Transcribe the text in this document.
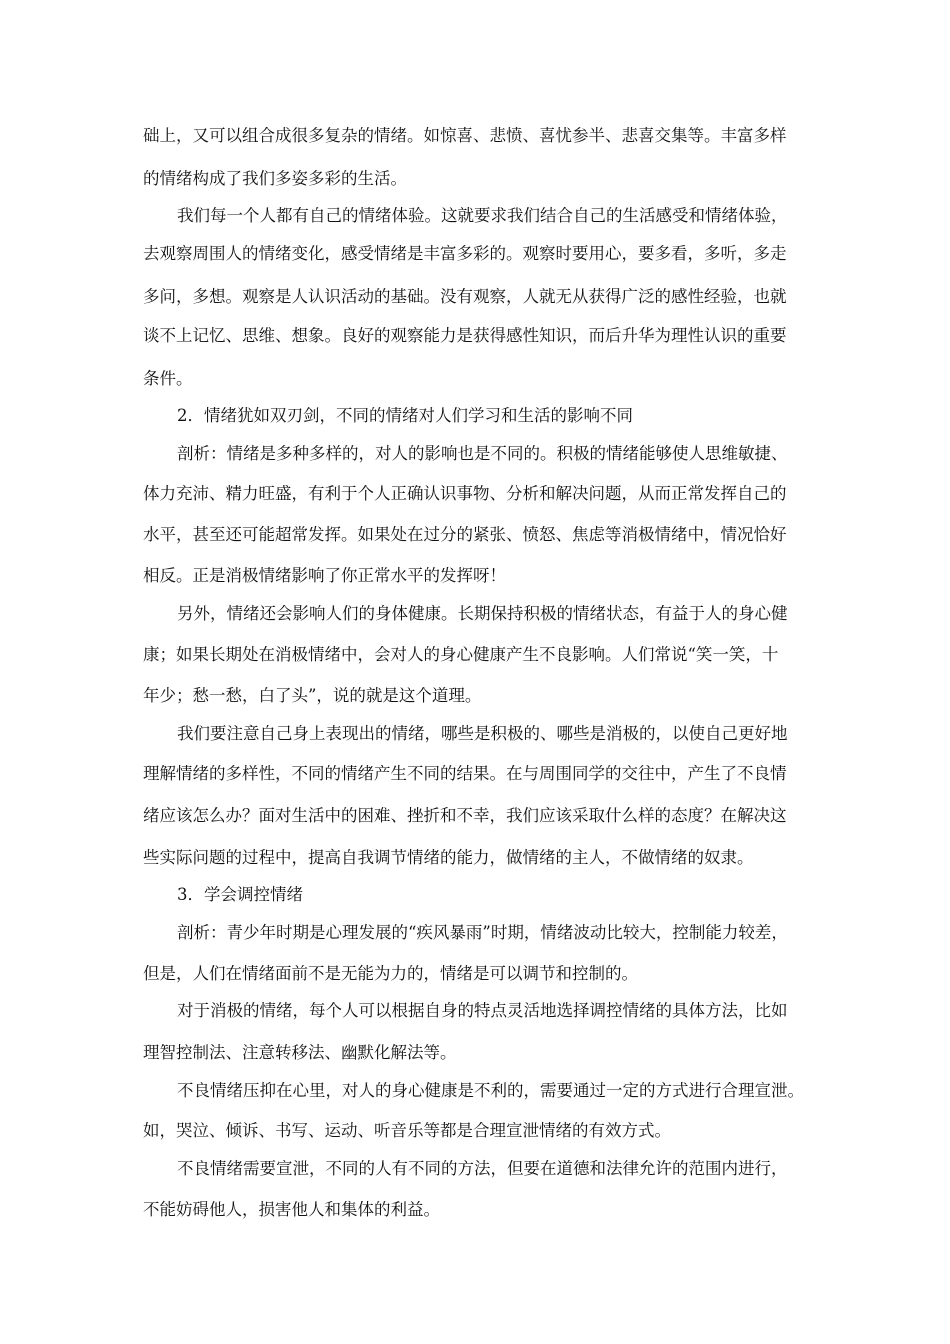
础上，又可以组合成很多复杂的情绪。如惊喜、悲愤、喜忧参半、悲喜交集等。丰富多样
的情绪构成了我们多姿多彩的生活。
我们每一个人都有自己的情绪体验。这就要求我们结合自己的生活感受和情绪体验，
去观察周围人的情绪变化，感受情绪是丰富多彩的。观察时要用心，要多看，多听，多走
多问，多想。观察是人认识活动的基础。没有观察，人就无从获得广泛的感性经验，也就
谈不上记忆、思维、想象。良好的观察能力是获得感性知识，而后升华为理性认识的重要
条件。
2．情绪犹如双刃剑，不同的情绪对人们学习和生活的影响不同
剖析：情绪是多种多样的，对人的影响也是不同的。积极的情绪能够使人思维敏捷、
体力充沛、精力旺盛，有利于个人正确认识事物、分析和解决问题，从而正常发挥自己的
水平，甚至还可能超常发挥。如果处在过分的紧张、愤怒、焦虑等消极情绪中，情况恰好
相反。正是消极情绪影响了你正常水平的发挥呀！
另外，情绪还会影响人们的身体健康。长期保持积极的情绪状态，有益于人的身心健
康；如果长期处在消极情绪中，会对人的身心健康产生不良影响。人们常说“笑一笑，十
年少；愁一愁，白了头”，说的就是这个道理。
我们要注意自己身上表现出的情绪，哪些是积极的、哪些是消极的，以使自己更好地
理解情绪的多样性，不同的情绪产生不同的结果。在与周围同学的交往中，产生了不良情
绪应该怎么办？面对生活中的困难、挫折和不幸，我们应该采取什么样的态度？在解决这
些实际问题的过程中，提高自我调节情绪的能力，做情绪的主人，不做情绪的奴隶。
3．学会调控情绪
剖析：青少年时期是心理发展的“疾风暴雨”时期，情绪波动比较大，控制能力较差，
但是，人们在情绪面前不是无能为力的，情绪是可以调节和控制的。
对于消极的情绪，每个人可以根据自身的特点灵活地选择调控情绪的具体方法，比如
理智控制法、注意转移法、幽默化解法等。
不良情绪压抑在心里，对人的身心健康是不利的，需要通过一定的方式进行合理宣泄。
如，哭泣、倾诉、书写、运动、听音乐等都是合理宣泄情绪的有效方式。
不良情绪需要宣泄，不同的人有不同的方法，但要在道德和法律允许的范围内进行，
不能妨碍他人，损害他人和集体的利益。
